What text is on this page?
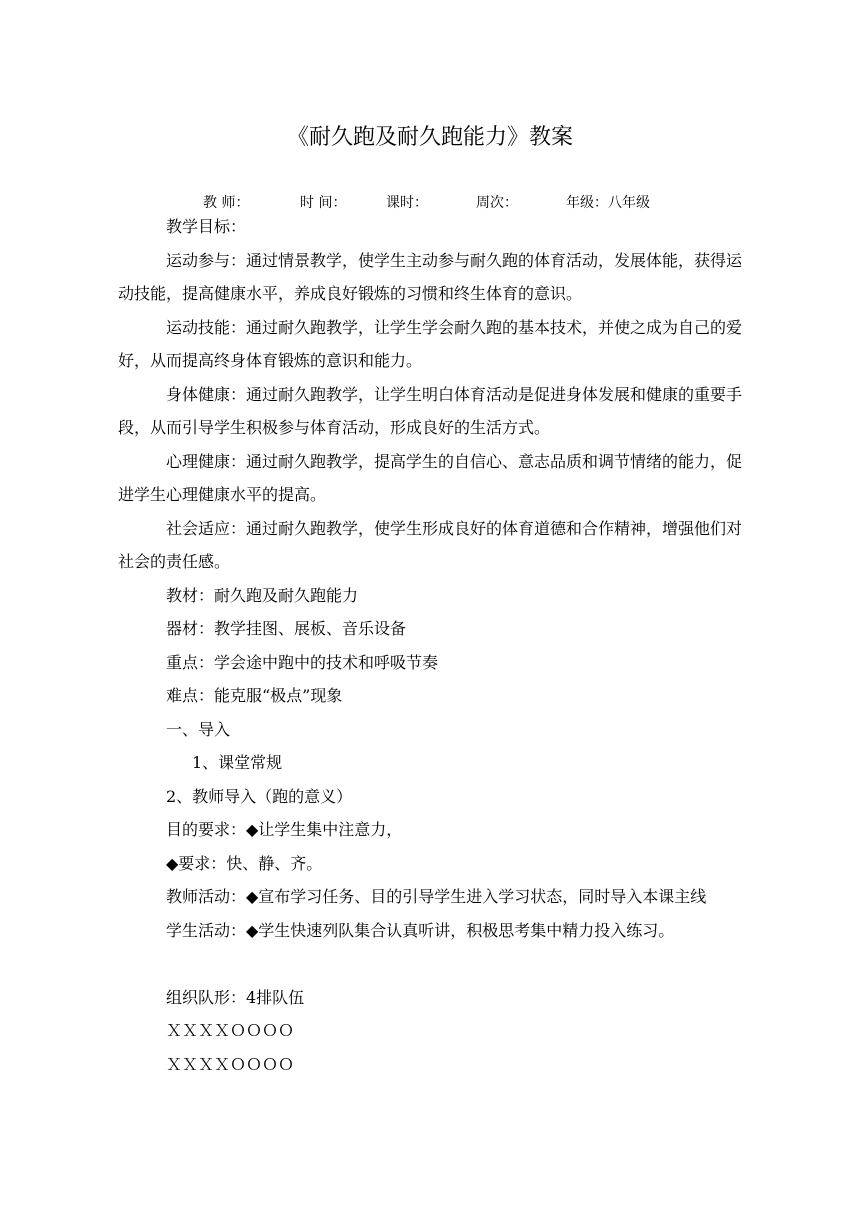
《耐久跑及耐久跑能力》教案
教 师：	时 间：	课时：	周次：	年级：八年级

教学目标：

运动参与：通过情景教学，使学生主动参与耐久跑的体育活动，发展体能，获得运动技能，提高健康水平，养成良好锻炼的习惯和终生体育的意识。

运动技能：通过耐久跑教学，让学生学会耐久跑的基本技术，并使之成为自己的爱好，从而提高终身体育锻炼的意识和能力。

身体健康：通过耐久跑教学，让学生明白体育活动是促进身体发展和健康的重要手段，从而引导学生积极参与体育活动，形成良好的生活方式。

心理健康：通过耐久跑教学，提高学生的自信心、意志品质和调节情绪的能力，促进学生心理健康水平的提高。

社会适应：通过耐久跑教学，使学生形成良好的体育道德和合作精神，增强他们对社会的责任感。

教材：耐久跑及耐久跑能力

器材：教学挂图、展板、音乐设备

重点：学会途中跑中的技术和呼吸节奏

难点：能克服“极点”现象

一、导入

1、课堂常规

2、教师导入（跑的意义）

目的要求：◆让学生集中注意力，

◆要求：快、静、齐。

教师活动：◆宣布学习任务、目的引导学生进入学习状态，同时导入本课主线

学生活动：◆学生快速列队集合认真听讲，积极思考集中精力投入练习。

组织队形：4排队伍

ＸＸＸＸＯＯＯＯ

ＸＸＸＸＯＯＯＯ
